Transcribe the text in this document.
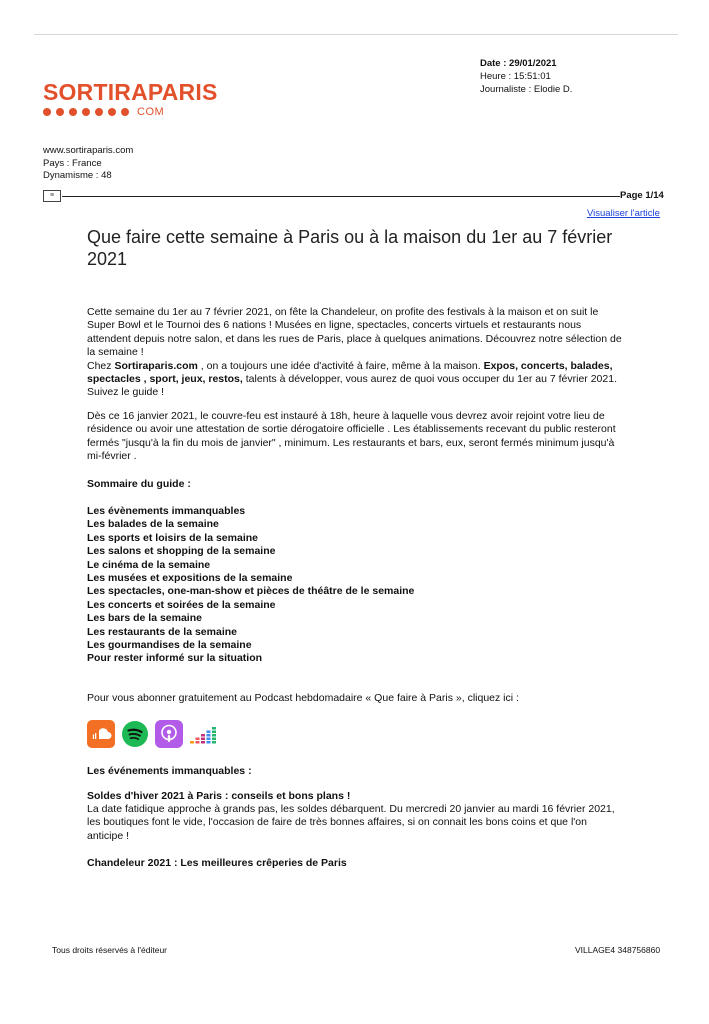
SORTIRAPARIS
COM
Date : 29/01/2021
Heure : 15:51:01
Journaliste : Elodie D.
www.sortiraparis.com
Pays : France
Dynamisme : 48
≡	Page 1/14
Visualiser l'article
Que faire cette semaine à Paris ou à la maison du 1er au 7 février 2021
Cette semaine du 1er au 7 février 2021, on fête la Chandeleur, on profite des festivals à la maison et on suit le Super Bowl et le Tournoi des 6 nations ! Musées en ligne, spectacles, concerts virtuels et restaurants nous attendent depuis notre salon, et dans les rues de Paris, place à quelques animations. Découvrez notre sélection de la semaine !
Chez Sortiraparis.com , on a toujours une idée d'activité à faire, même à la maison. Expos, concerts, balades, spectacles , sport, jeux, restos, talents à développer, vous aurez de quoi vous occuper du 1er au 7 février 2021. Suivez le guide !
Dès ce 16 janvier 2021, le couvre-feu est instauré à 18h, heure à laquelle vous devrez avoir rejoint votre lieu de résidence ou avoir une attestation de sortie dérogatoire officielle . Les établissements recevant du public resteront fermés "jusqu'à la fin du mois de janvier" , minimum. Les restaurants et bars, eux, seront fermés minimum jusqu'à mi-février .
Sommaire du guide :
Les évènements immanquables
Les balades de la semaine
Les sports et loisirs de la semaine
Les salons et shopping de la semaine
Le cinéma de la semaine
Les musées et expositions de la semaine
Les spectacles, one-man-show et pièces de théâtre de le semaine
Les concerts et soirées de la semaine
Les bars de la semaine
Les restaurants de la semaine
Les gourmandises de la semaine
Pour rester informé sur la situation
Pour vous abonner gratuitement au Podcast hebdomadaire « Que faire à Paris », cliquez ici :
Les événements immanquables :
Soldes d'hiver 2021 à Paris : conseils et bons plans !
La date fatidique approche à grands pas, les soldes débarquent. Du mercredi 20 janvier au mardi 16 février 2021, les boutiques font le vide, l'occasion de faire de très bonnes affaires, si on connait les bons coins et que l'on anticipe !
Chandeleur 2021 : Les meilleures crêperies de Paris
Tous droits réservés à l'éditeur	VILLAGE4 348756860
